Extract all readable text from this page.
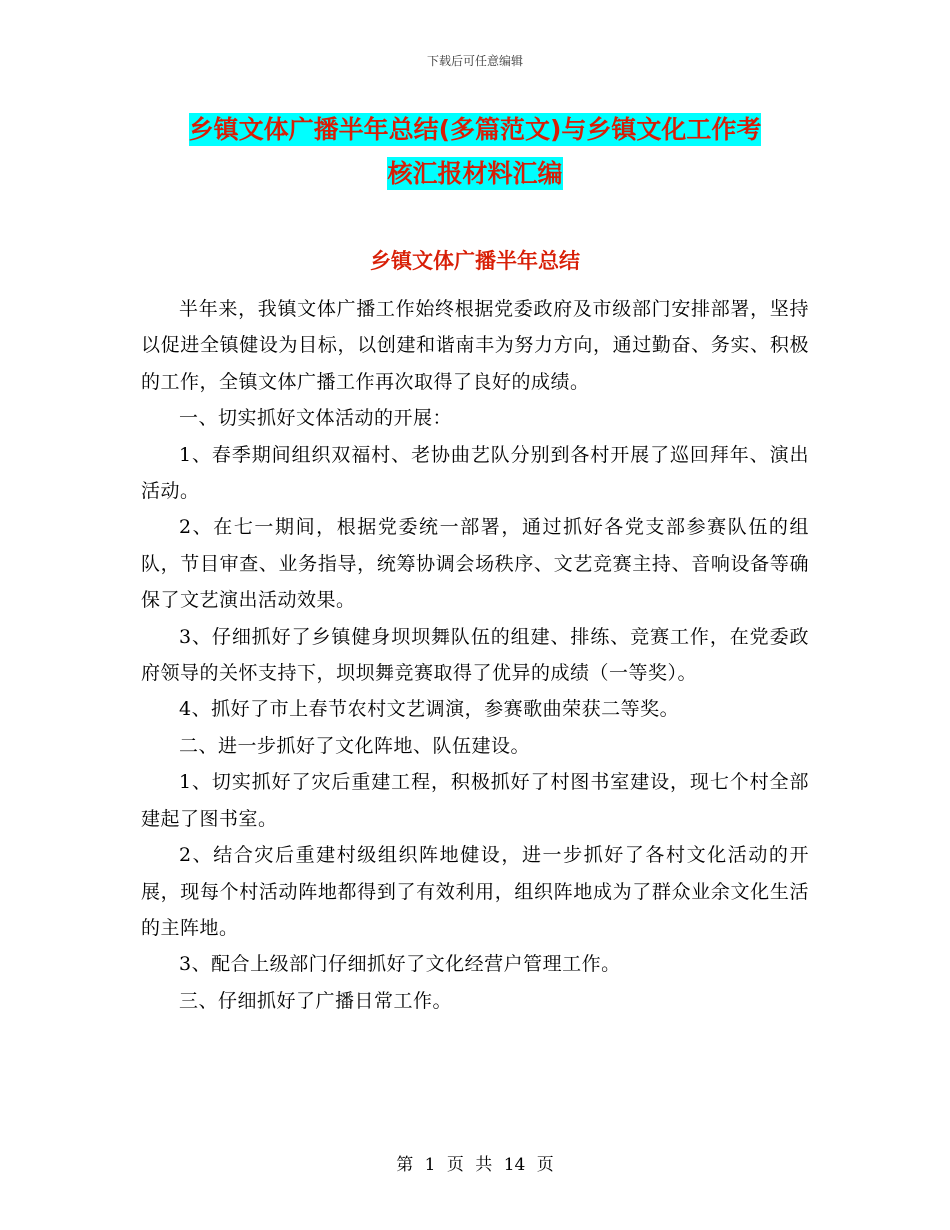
下载后可任意编辑
乡镇文体广播半年总结(多篇范文)与乡镇文化工作考
核汇报材料汇编
乡镇文体广播半年总结

半年来，我镇文体广播工作始终根据党委政府及市级部门安排部署，坚持以促进全镇健设为目标，以创建和谐南丰为努力方向，通过勤奋、务实、积极的工作，全镇文体广播工作再次取得了良好的成绩。

一、切实抓好文体活动的开展：

1、春季期间组织双福村、老协曲艺队分别到各村开展了巡回拜年、演出活动。

2、在七一期间，根据党委统一部署，通过抓好各党支部参赛队伍的组队，节目审查、业务指导，统筹协调会场秩序、文艺竞赛主持、音响设备等确保了文艺演出活动效果。

3、仔细抓好了乡镇健身坝坝舞队伍的组建、排练、竞赛工作，在党委政府领导的关怀支持下，坝坝舞竞赛取得了优异的成绩（一等奖）。

4、抓好了市上春节农村文艺调演，参赛歌曲荣获二等奖。

二、进一步抓好了文化阵地、队伍建设。

1、切实抓好了灾后重建工程，积极抓好了村图书室建设，现七个村全部建起了图书室。

2、结合灾后重建村级组织阵地健设，进一步抓好了各村文化活动的开展，现每个村活动阵地都得到了有效利用，组织阵地成为了群众业余文化生活的主阵地。

3、配合上级部门仔细抓好了文化经营户管理工作。

三、仔细抓好了广播日常工作。

第 1 页 共 14 页
